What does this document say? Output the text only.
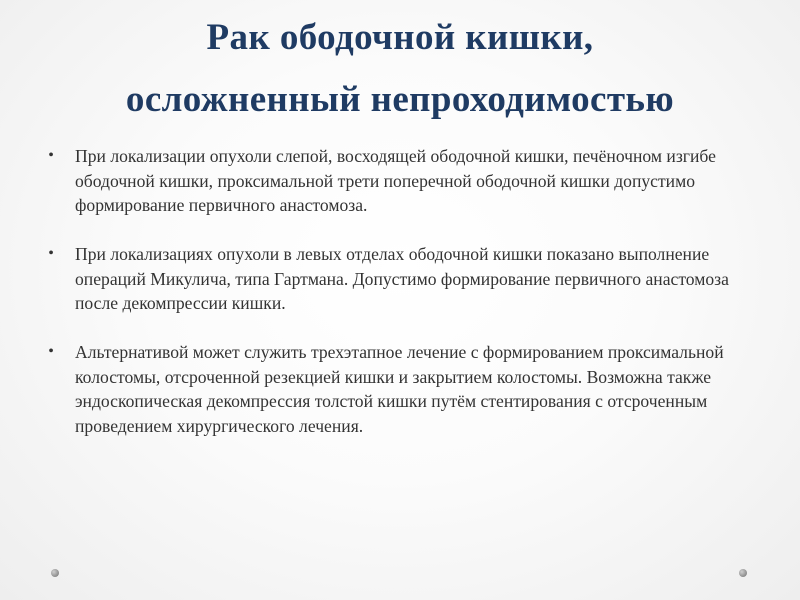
Рак ободочной кишки,
осложненный непроходимостью
• При локализации опухоли слепой, восходящей ободочной кишки, печёночном изгибе ободочной кишки, проксимальной трети поперечной ободочной кишки допустимо формирование первичного анастомоза.
• При локализациях опухоли в левых отделах ободочной кишки показано выполнение операций Микулича, типа Гартмана. Допустимо формирование первичного анастомоза после декомпрессии кишки.
• Альтернативой может служить трехэтапное лечение с формированием проксимальной колостомы, отсроченной резекцией кишки и закрытием колостомы. Возможна также эндоскопическая декомпрессия толстой кишки путём стентирования с отсроченным проведением хирургического лечения.
